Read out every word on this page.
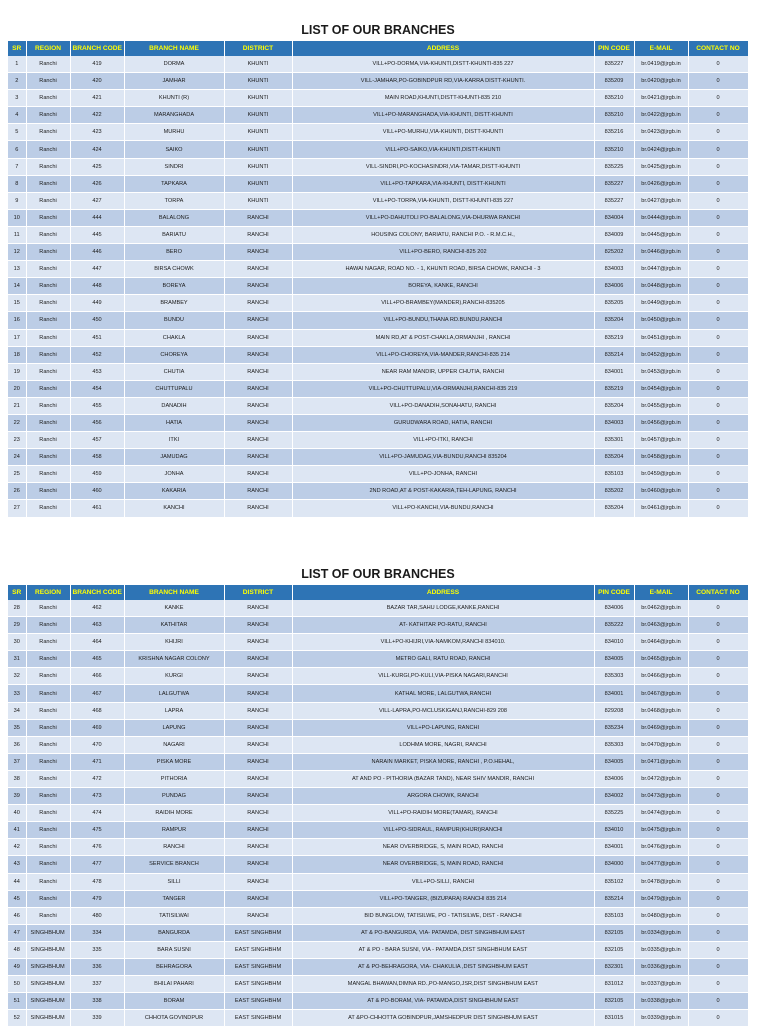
LIST OF OUR BRANCHES
SR	REGION	BRANCH CODE	BRANCH NAME	DISTRICT	ADDRESS	PIN CODE	E-MAIL	CONTACT NO
1	Ranchi	419	DORMA	KHUNTI	VILL+PO-DORMA,VIA-KHUNTI,DISTT-KHUNTI-835 227	835227	br.0419@jrgb.in	0
2	Ranchi	420	JAMHAR	KHUNTI	VILL-JAMHAR,PO-GOBINDPUR RD,VIA-KARRA DISTT-KHUNTI.	835209	br.0420@jrgb.in	0
3	Ranchi	421	KHUNTI (R)	KHUNTI	MAIN ROAD,KHUNTI,DISTT-KHUNTI-835 210	835210	br.0421@jrgb.in	0
4	Ranchi	422	MARANGHADA	KHUNTI	VILL+PO-MARANGHADA,VIA-KHUNTI, DISTT-KHUNTI	835210	br.0422@jrgb.in	0
5	Ranchi	423	MURHU	KHUNTI	VILL+PO-MURHU,VIA-KHUNTI, DISTT-KHUNTI	835216	br.0423@jrgb.in	0
6	Ranchi	424	SAIKO	KHUNTI	VILL+PO-SAIKO,VIA-KHUNTI,DISTT-KHUNTI	835210	br.0424@jrgb.in	0
7	Ranchi	425	SINDRI	KHUNTI	VILL-SINDRI,PO-KOCHASINDRI,VIA-TAMAR,DISTT-KHUNTI	835225	br.0425@jrgb.in	0
8	Ranchi	426	TAPKARA	KHUNTI	VILL+PO-TAPKARA,VIA-KHUNTI, DISTT-KHUNTI	835227	br.0426@jrgb.in	0
9	Ranchi	427	TORPA	KHUNTI	VILL+PO-TORPA,VIA-KHUNTI, DISTT-KHUNTI-835 227	835227	br.0427@jrgb.in	0
10	Ranchi	444	BALALONG	RANCHI	VILL+PO-DAHUTOLI PO-BALALONG,VIA-DHURWA RANCHI	834004	br.0444@jrgb.in	0
11	Ranchi	445	BARIATU	RANCHI	HOUSING COLONY, BARIATU, RANCHI P.O. - R.M.C.H.,	834009	br.0445@jrgb.in	0
12	Ranchi	446	BERO	RANCHI	VILL+PO-BERO, RANCHI-825 202	825202	br.0446@jrgb.in	0
13	Ranchi	447	BIRSA CHOWK	RANCHI	HAWAI NAGAR, ROAD NO. - 1, KHUNTI ROAD, BIRSA CHOWK, RANCHI - 3	834003	br.0447@jrgb.in	0
14	Ranchi	448	BOREYA	RANCHI	BOREYA, KANKE, RANCHI	834006	br.0448@jrgb.in	0
15	Ranchi	449	BRAMBEY	RANCHI	VILL+PO-BRAMBEY(MANDER),RANCHI-835205	835205	br.0449@jrgb.in	0
16	Ranchi	450	BUNDU	RANCHI	VILL+PO-BUNDU,THANA RD.BUNDU,RANCHI	835204	br.0450@jrgb.in	0
17	Ranchi	451	CHAKLA	RANCHI	MAIN RD,AT & POST-CHAKLA,ORMANJHI , RANCHI	835219	br.0451@jrgb.in	0
18	Ranchi	452	CHOREYA	RANCHI	VILL+PO-CHOREYA,VIA-MANDER,RANCHI-835 214	835214	br.0452@jrgb.in	0
19	Ranchi	453	CHUTIA	RANCHI	NEAR RAM MANDIR, UPPER CHUTIA, RANCHI	834001	br.0453@jrgb.in	0
20	Ranchi	454	CHUTTUPALU	RANCHI	VILL+PO-CHUTTUPALU,VIA-ORMANJHI,RANCHI-835 219	835219	br.0454@jrgb.in	0
21	Ranchi	455	DANADIH	RANCHI	VILL+PO-DANADIH,SONAHATU, RANCHI	835204	br.0455@jrgb.in	0
22	Ranchi	456	HATIA	RANCHI	GURUDWARA ROAD, HATIA, RANCHI	834003	br.0456@jrgb.in	0
23	Ranchi	457	ITKI	RANCHI	VILL+PO-ITKI, RANCHI	835301	br.0457@jrgb.in	0
24	Ranchi	458	JAMUDAG	RANCHI	VILL+PO-JAMUDAG,VIA-BUNDU,RANCHI 835204	835204	br.0458@jrgb.in	0
25	Ranchi	459	JONHA	RANCHI	VILL+PO-JONHA, RANCHI	835103	br.0459@jrgb.in	0
26	Ranchi	460	KAKARIA	RANCHI	2ND ROAD,AT & POST-KAKARIA,TEH-LAPUNG, RANCHI	835202	br.0460@jrgb.in	0
27	Ranchi	461	KANCHI	RANCHI	VILL+PO-KANCHI,VIA-BUNDU,RANCHI	835204	br.0461@jrgb.in	0
LIST OF OUR BRANCHES
SR	REGION	BRANCH CODE	BRANCH NAME	DISTRICT	ADDRESS	PIN CODE	E-MAIL	CONTACT NO
28	Ranchi	462	KANKE	RANCHI	BAZAR TAR,SAHU LODGE,KANKE,RANCHI	834006	br.0462@jrgb.in	0
29	Ranchi	463	KATHITAR	RANCHI	AT- KATHITAR PO-RATU, RANCHI	835222	br.0463@jrgb.in	0
30	Ranchi	464	KHIJRI	RANCHI	VILL+PO-KHIJRI,VIA-NAMKOM,RANCHI 834010.	834010	br.0464@jrgb.in	0
31	Ranchi	465	KRISHNA NAGAR COLONY	RANCHI	METRO GALI, RATU ROAD, RANCHI	834005	br.0465@jrgb.in	0
32	Ranchi	466	KURGI	RANCHI	VILL-KURGI,PO-KULI,VIA-PISKA NAGARI,RANCHI	835303	br.0466@jrgb.in	0
33	Ranchi	467	LALGUTWA	RANCHI	KATHAL MORE, LALGUTWA,RANCHI	834001	br.0467@jrgb.in	0
34	Ranchi	468	LAPRA	RANCHI	VILL-LAPRA,PO-MCLUSKIGANJ,RANCHI-829 208	829208	br.0468@jrgb.in	0
35	Ranchi	469	LAPUNG	RANCHI	VILL+PO-LAPUNG, RANCHI	835234	br.0469@jrgb.in	0
36	Ranchi	470	NAGARI	RANCHI	LODHMA MORE, NAGRI, RANCHI	835303	br.0470@jrgb.in	0
37	Ranchi	471	PISKA MORE	RANCHI	NARAIN MARKET, PISKA MORE, RANCHI , P.O.HEHAL,	834005	br.0471@jrgb.in	0
38	Ranchi	472	PITHORIA	RANCHI	AT AND PO - PITHORIA (BAZAR TAND), NEAR SHIV MANDIR, RANCHI	834006	br.0472@jrgb.in	0
39	Ranchi	473	PUNDAG	RANCHI	ARGORA CHOWK, RANCHI	834002	br.0473@jrgb.in	0
40	Ranchi	474	RAIDIH MORE	RANCHI	VILL+PO-RAIDIH MORE(TAMAR), RANCHI	835225	br.0474@jrgb.in	0
41	Ranchi	475	RAMPUR	RANCHI	VILL+PO-SIDRAUL, RAMPUR(KHIJRI)RANCHI	834010	br.0475@jrgb.in	0
42	Ranchi	476	RANCHI	RANCHI	NEAR OVERBRIDGE, S, MAIN ROAD, RANCHI	834001	br.0476@jrgb.in	0
43	Ranchi	477	SERVICE BRANCH	RANCHI	NEAR OVERBRIDGE, S, MAIN ROAD, RANCHI	834000	br.0477@jrgb.in	0
44	Ranchi	478	SILLI	RANCHI	VILL+PO-SILLI, RANCHI	835102	br.0478@jrgb.in	0
45	Ranchi	479	TANGER	RANCHI	VILL+PO-TANGER, (BIZUPARA) RANCHI 835 214	835214	br.0479@jrgb.in	0
46	Ranchi	480	TATISILWAI	RANCHI	BID BUNGLOW, TATISILWE, PO - TATISILWE, DIST - RANCHI	835103	br.0480@jrgb.in	0
47	SINGHBHUM	334	BANGURDA	EAST SINGHBHM	AT & PO-BANGURDA, VIA- PATAMDA, DIST SINGHBHUM EAST	832105	br.0334@jrgb.in	0
48	SINGHBHUM	335	BARA SUSNI	EAST SINGHBHM	AT & PO - BARA SUSNI, VIA - PATAMDA,DIST SINGHBHUM EAST	832105	br.0335@jrgb.in	0
49	SINGHBHUM	336	BEHRAGORA	EAST SINGHBHM	AT & PO-BEHRAGORA, VIA- CHAKULIA ,DIST SINGHBHUM EAST	832301	br.0336@jrgb.in	0
50	SINGHBHUM	337	BHILAI PAHARI	EAST SINGHBHM	MANGAL BHAWAN,DIMNA RD.,PO-MANGO,JSR,DIST SINGHBHUM EAST	831012	br.0337@jrgb.in	0
51	SINGHBHUM	338	BORAM	EAST SINGHBHM	AT & PO-BORAM, VIA- PATAMDA,DIST SINGHBHUM EAST	832105	br.0338@jrgb.in	0
52	SINGHBHUM	339	CHHOTA GOVINDPUR	EAST SINGHBHM	AT &PO-CHHOTTA GOBINDPUR,JAMSHEDPUR DIST SINGHBHUM EAST	831015	br.0339@jrgb.in	0
